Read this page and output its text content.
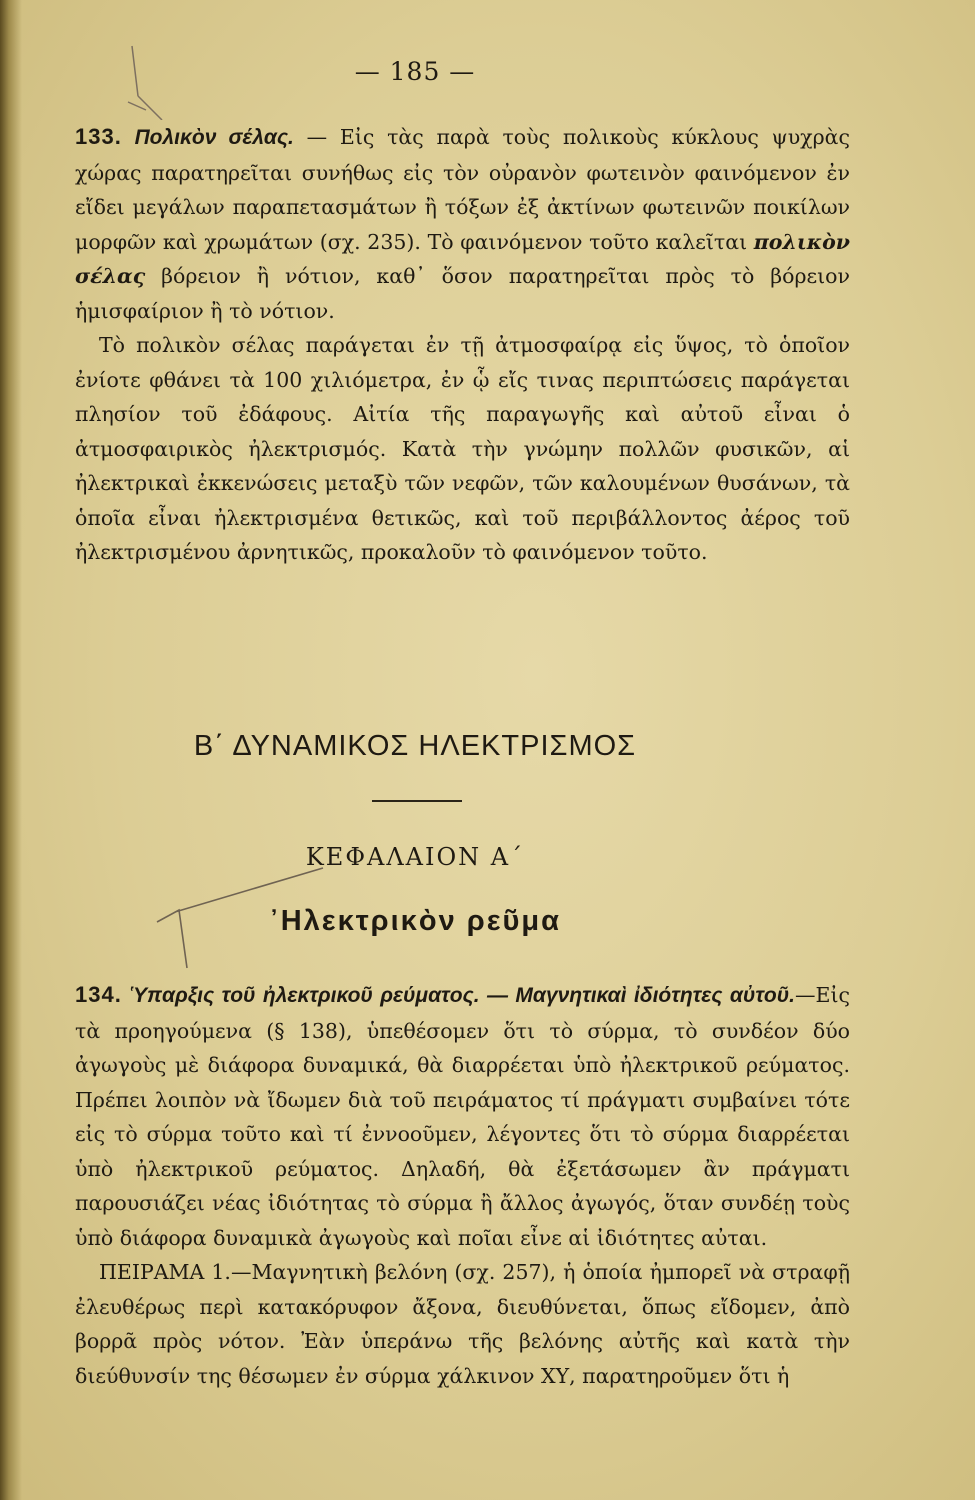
— 185 —

133. Πολικὸν σέλας. — Εἰς τὰς παρὰ τοὺς πολικοὺς κύκλους ψυχρὰς χώρας παρατηρεῖται συνήθως εἰς τὸν οὐρανὸν φωτεινὸν φαινόμενον ἐν εἴδει μεγάλων παραπετασμάτων ἢ τόξων ἐξ ἀκτίνων φωτεινῶν ποικίλων μορφῶν καὶ χρωμάτων (σχ. 235). Τὸ φαινόμενον τοῦτο καλεῖται πολικὸν σέλας βόρειον ἢ νότιον, καθ᾽ ὅσον παρατηρεῖται πρὸς τὸ βόρειον ἡμισφαίριον ἢ τὸ νότιον.

Τὸ πολικὸν σέλας παράγεται ἐν τῇ ἀτμοσφαίρᾳ εἰς ὕψος, τὸ ὁποῖον ἐνίοτε φθάνει τὰ 100 χιλιόμετρα, ἐν ᾧ εἴς τινας περιπτώσεις παράγεται πλησίον τοῦ ἐδάφους. Αἰτία τῆς παραγωγῆς καὶ αὐτοῦ εἶναι ὁ ἀτμοσφαιρικὸς ἠλεκτρισμός. Κατὰ τὴν γνώμην πολλῶν φυσικῶν, αἱ ἠλεκτρικαὶ ἐκκενώσεις μεταξὺ τῶν νεφῶν, τῶν καλουμένων θυσάνων, τὰ ὁποῖα εἶναι ἠλεκτρισμένα θετικῶς, καὶ τοῦ περιβάλλοντος ἀέρος τοῦ ἠλεκτρισμένου ἀρνητικῶς, προκαλοῦν τὸ φαινόμενον τοῦτο.

Β΄ ΔΥΝΑΜΙΚΟΣ ΗΛΕΚΤΡΙΣΜΟΣ
ΚΕΦΑΛΑΙΟΝ Α΄
᾿Ηλεκτρικὸν ρεῦμα

134. Ὑπαρξις τοῦ ἠλεκτρικοῦ ρεύματος. — Μαγνητικαὶ ἰδιότητες αὐτοῦ.—Εἰς τὰ προηγούμενα (§ 138), ὑπεθέσομεν ὅτι τὸ σύρμα, τὸ συνδέον δύο ἀγωγοὺς μὲ διάφορα δυναμικά, θὰ διαρρέεται ὑπὸ ἠλεκτρικοῦ ρεύματος. Πρέπει λοιπὸν νὰ ἴδωμεν διὰ τοῦ πειράματος τί πράγματι συμβαίνει τότε εἰς τὸ σύρμα τοῦτο καὶ τί ἐννοοῦμεν, λέγοντες ὅτι τὸ σύρμα διαρρέεται ὑπὸ ἠλεκτρικοῦ ρεύματος. Δηλαδή, θὰ ἐξετάσωμεν ἂν πράγματι παρουσιάζει νέας ἰδιότητας τὸ σύρμα ἢ ἄλλος ἀγωγός, ὅταν συνδέῃ τοὺς ὑπὸ διάφορα δυναμικὰ ἀγωγοὺς καὶ ποῖαι εἶνε αἱ ἰδιότητες αὐται.

ΠΕΙΡΑΜΑ 1.—Μαγνητικὴ βελόνη (σχ. 257), ἡ ὁποία ἠμπορεῖ νὰ στραφῇ ἐλευθέρως περὶ κατακόρυφον ἄξονα, διευθύνεται, ὅπως εἴδομεν, ἀπὸ βορρᾶ πρὸς νότον. Ἐὰν ὑπεράνω τῆς βελόνης αὐτῆς καὶ κατὰ τὴν διεύθυνσίν της θέσωμεν ἐν σύρμα χάλκινον ΧΥ, παρατηροῦμεν ὅτι ἡ
